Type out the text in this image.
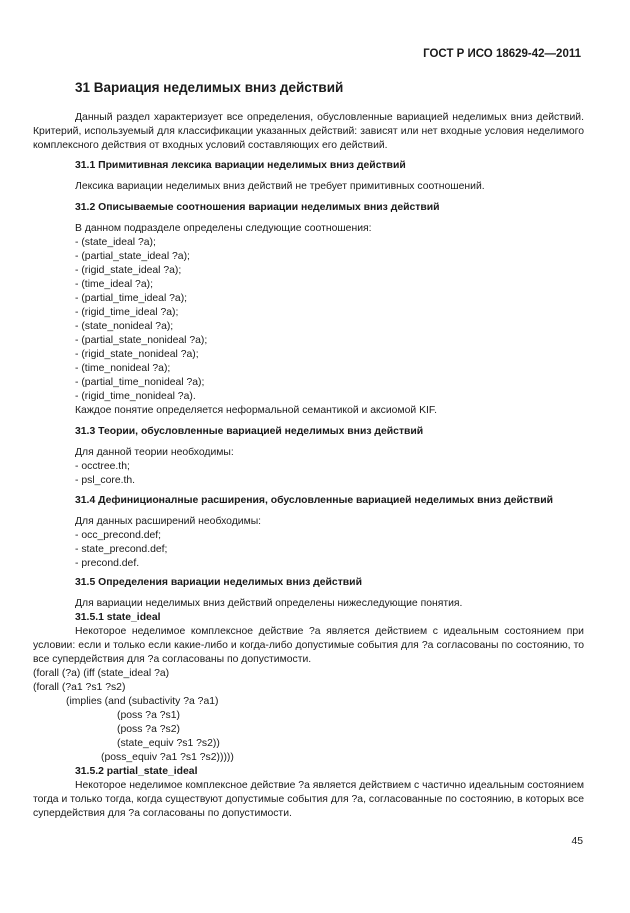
ГОСТ Р ИСО 18629-42—2011
31 Вариация неделимых вниз действий
Данный раздел характеризует все определения, обусловленные вариацией неделимых вниз действий. Критерий, используемый для классификации указанных действий: зависят или нет входные условия неделимого комплексного действия от входных условий составляющих его действий.
31.1 Примитивная лексика вариации неделимых вниз действий
Лексика вариации неделимых вниз действий не требует примитивных соотношений.
31.2 Описываемые соотношения вариации неделимых вниз действий
В данном подразделе определены следующие соотношения:
- (state_ideal ?a);
- (partial_state_ideal ?a);
- (rigid_state_ideal ?a);
- (time_ideal ?a);
- (partial_time_ideal ?a);
- (rigid_time_ideal ?a);
- (state_nonideal ?a);
- (partial_state_nonideal ?a);
- (rigid_state_nonideal ?a);
- (time_nonideal ?a);
- (partial_time_nonideal ?a);
- (rigid_time_nonideal ?a).
Каждое понятие определяется неформальной семантикой и аксиомой KIF.
31.3 Теории, обусловленные вариацией неделимых вниз действий
Для данной теории необходимы:
- occtree.th;
- psl_core.th.
31.4 Дефиниционалные расширения, обусловленные вариацией неделимых вниз действий
Для данных расширений необходимы:
- occ_precond.def;
- state_precond.def;
- precond.def.
31.5 Определения вариации неделимых вниз действий
Для вариации неделимых вниз действий определены нижеследующие понятия.
31.5.1 state_ideal
Некоторое неделимое комплексное действие ?a является действием с идеальным состоянием при условии: если и только если какие-либо и когда-либо допустимые события для ?a согласованы по состоянию, то все супердействия для ?a согласованы по допустимости.
(forall (?a) (iff (state_ideal ?a)
(forall (?a1 ?s1 ?s2)
(implies (and (subactivity ?a ?a1)
(poss ?a ?s1)
(poss ?a ?s2)
(state_equiv ?s1 ?s2))
(poss_equiv ?a1 ?s1 ?s2)))))
31.5.2 partial_state_ideal
Некоторое неделимое комплексное действие ?a является действием с частично идеальным состоянием тогда и только тогда, когда существуют допустимые события для ?a, согласованные по состоянию, в которых все супердействия для ?a согласованы по допустимости.
45
